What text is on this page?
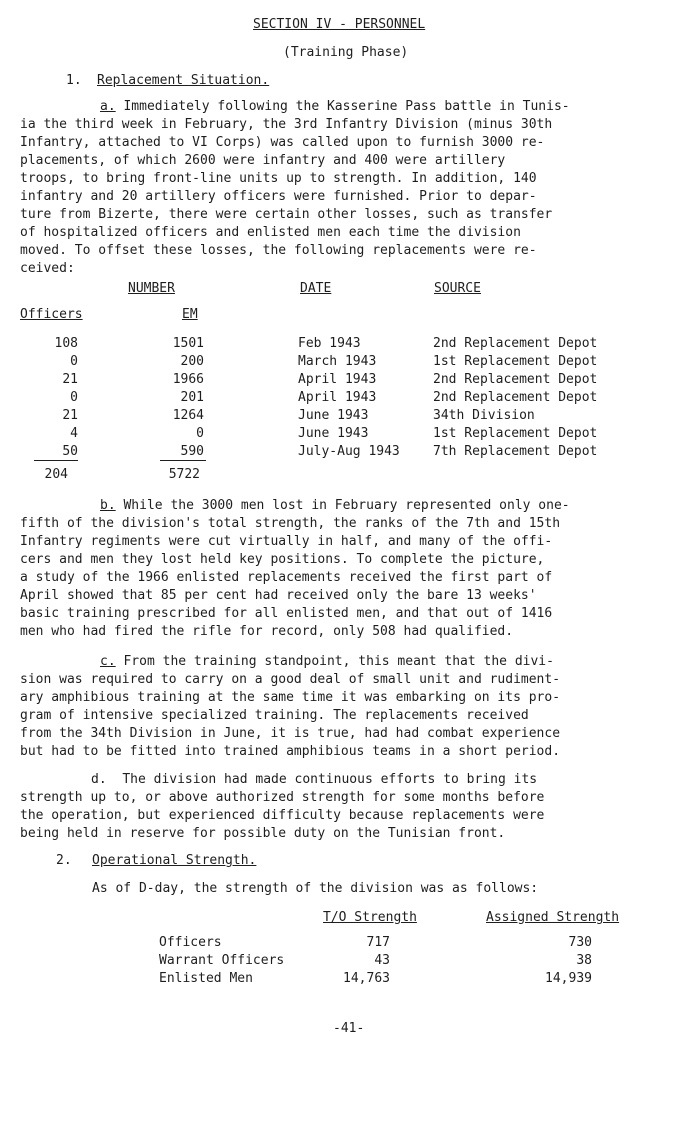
SECTION IV - PERSONNEL
(Training Phase)
1. Replacement Situation.
a. Immediately following the Kasserine Pass battle in Tunis-
ia the third week in February, the 3rd Infantry Division (minus 30th
Infantry, attached to VI Corps) was called upon to furnish 3000 re-
placements, of which 2600 were infantry and 400 were artillery
troops, to bring front-line units up to strength. In addition, 140
infantry and 20 artillery officers were furnished. Prior to depar-
ture from Bizerte, there were certain other losses, such as transfer
of hospitalized officers and enlisted men each time the division
moved. To offset these losses, the following replacements were re-
ceived:
NUMBER	DATE	SOURCE
Officers	EM
108	1501	Feb 1943	2nd Replacement Depot
0	200	March 1943	1st Replacement Depot
21	1966	April 1943	2nd Replacement Depot
0	201	April 1943	2nd Replacement Depot
21	1264	June 1943	34th Division
4	0	June 1943	1st Replacement Depot
50	590	July-Aug 1943	7th Replacement Depot
204	5722
b. While the 3000 men lost in February represented only one-
fifth of the division's total strength, the ranks of the 7th and 15th
Infantry regiments were cut virtually in half, and many of the offi-
cers and men they lost held key positions. To complete the picture,
a study of the 1966 enlisted replacements received the first part of
April showed that 85 per cent had received only the bare 13 weeks'
basic training prescribed for all enlisted men, and that out of 1416
men who had fired the rifle for record, only 508 had qualified.
c. From the training standpoint, this meant that the divi-
sion was required to carry on a good deal of small unit and rudiment-
ary amphibious training at the same time it was embarking on its pro-
gram of intensive specialized training. The replacements received
from the 34th Division in June, it is true, had had combat experience
but had to be fitted into trained amphibious teams in a short period.
d. The division had made continuous efforts to bring its
strength up to, or above authorized strength for some months before
the operation, but experienced difficulty because replacements were
being held in reserve for possible duty on the Tunisian front.
2. Operational Strength.
As of D-day, the strength of the division was as follows:
T/O Strength	Assigned Strength
Officers	717	730
Warrant Officers	43	38
Enlisted Men	14,763	14,939
-41-
